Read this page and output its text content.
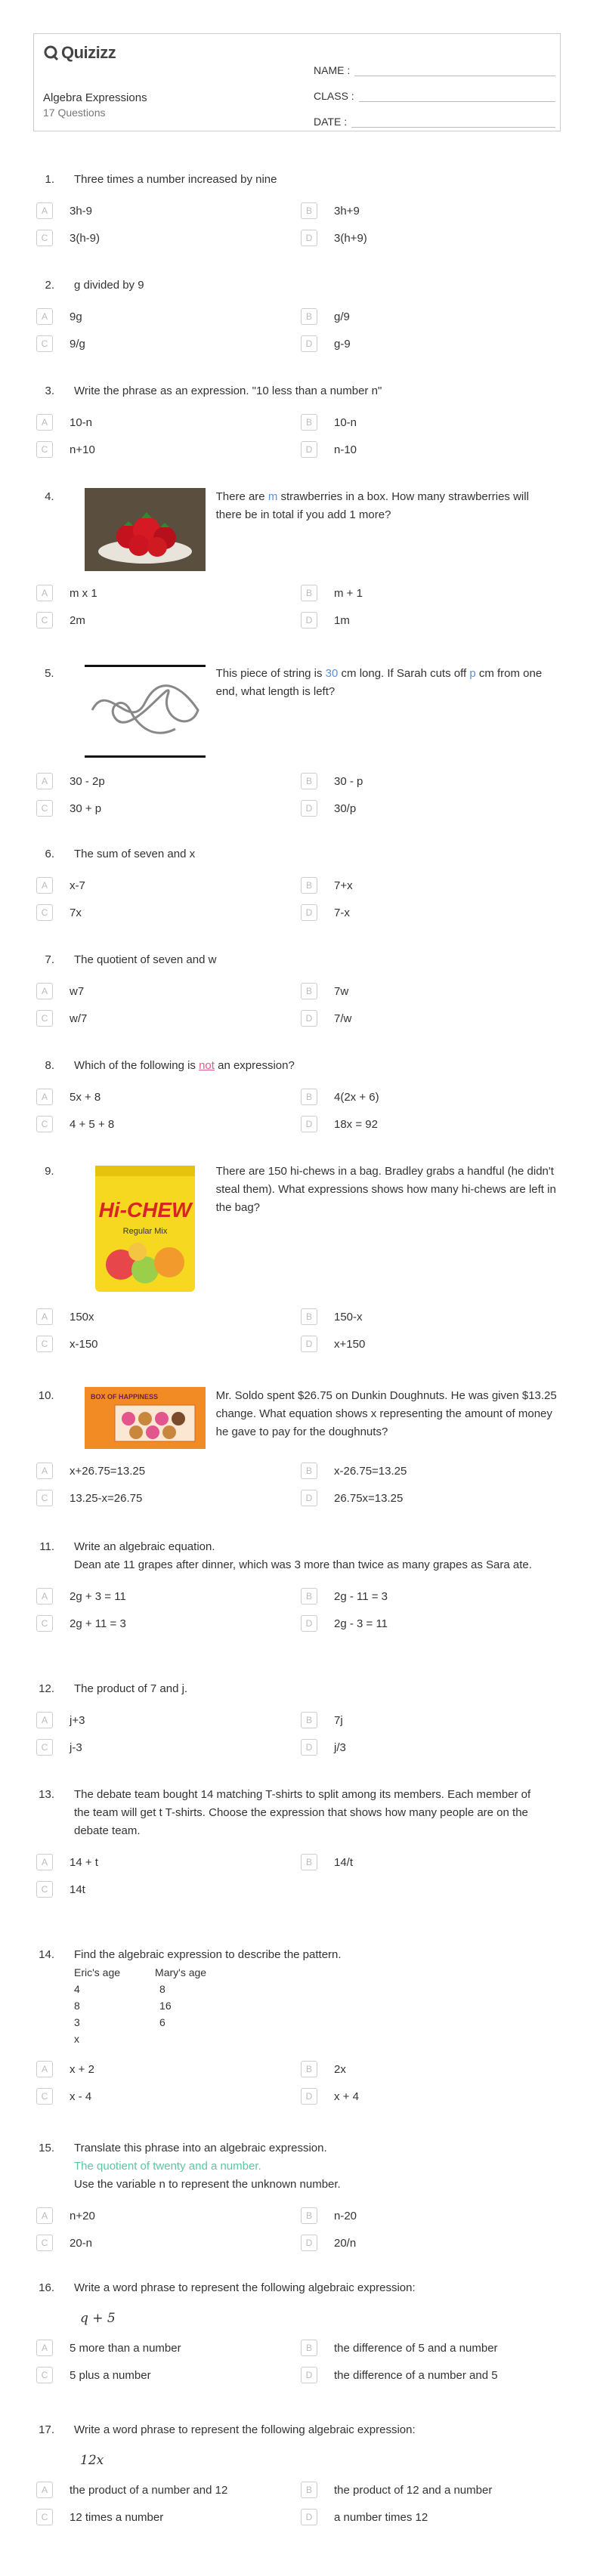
Quizizz
Algebra Expressions
17 Questions
NAME :
CLASS :
DATE :
1.	Three times a number increased by nine
A	3h-9	B	3h+9
C	3(h-9)	D	3(h+9)
2.	g divided by 9
A	9g	B	g/9
C	9/g	D	g-9
3.	Write the phrase as an expression. "10 less than a number n"
A	10-n	B	10-n
C	n+10	D	n-10
4.	There are m strawberries in a box. How many strawberries will there be in total if you add 1 more?
A	m x 1	B	m + 1
C	2m	D	1m
5.	This piece of string is 30 cm long. If Sarah cuts off p cm from one end, what length is left?
A	30 - 2p	B	30 - p
C	30 + p	D	30/p
6.	The sum of seven and x
A	x-7	B	7+x
C	7x	D	7-x
7.	The quotient of seven and w
A	w7	B	7w
C	w/7	D	7/w
8.	Which of the following is not an expression?
A	5x + 8	B	4(2x + 6)
C	4 + 5 + 8	D	18x = 92
9.
Hi-CHEW
Regular Mix
There are 150 hi-chews in a bag. Bradley grabs a handful (he didn't steal them). What expressions shows how many hi-chews are left in the bag?
A	150x	B	150-x
C	x-150	D	x+150
10.	BOX OF HAPPINESS	Mr. Soldo spent $26.75 on Dunkin Doughnuts. He was given $13.25 change. What equation shows x representing the amount of money he gave to pay for the doughnuts?
A	x+26.75=13.25	B	x-26.75=13.25
C	13.25-x=26.75	D	26.75x=13.25
11.	Write an algebraic equation.
Dean ate 11 grapes after dinner, which was 3 more than twice as many grapes as Sara ate.
A	2g + 3 = 11	B	2g - 11 = 3
C	2g + 11 = 3	D	2g - 3 = 11
12.	The product of 7 and j.
A	j+3	B	7j
C	j-3	D	j/3
13.	The debate team bought 14 matching T-shirts to split among its members. Each member of the team will get t T-shirts. Choose the expression that shows how many people are on the debate team.
A	14 + t	B	14/t
C	14t
14.	Find the algebraic expression to describe the pattern.
Eric's age	Mary's age
4	8
8	16
3	6
x	
A	x + 2	B	2x
C	x - 4	D	x + 4
15.	Translate this phrase into an algebraic expression.
The quotient of twenty and a number.
Use the variable n to represent the unknown number.
A	n+20	B	n-20
C	20-n	D	20/n
16.	Write a word phrase to represent the following algebraic expression:
q + 5
A	5 more than a number	B	the difference of 5 and a number
C	5 plus a number	D	the difference of a number and 5
17.	Write a word phrase to represent the following algebraic expression:
12x
A	the product of a number and 12	B	the product of 12 and a number
C	12 times a number	D	a number times 12
